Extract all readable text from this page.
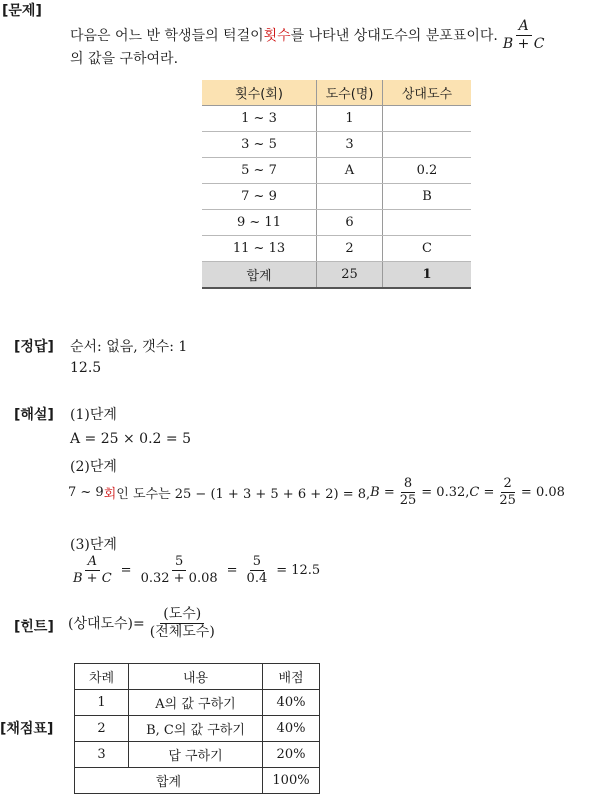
[문제]
다음은 어느 반 학생들의 턱걸이 횟수 를 나타낸 상대도수의 분포표이다. $\frac{A}{B + C}$
의 값을 구하여라.
횟수(회)	도수(명)	상대도수
1 ~ 3	1	
3 ~ 5	3	
5 ~ 7	A	0.2
7 ~ 9		B
9 ~ 11	6	
11 ~ 13	2	C
합계	25	1
[정답] 순서: 없음, 갯수: 1
12.5
[해설] (1)단계
A = 25 × 0.2 = 5
(2)단계
7 ~ 9 회 인 도수는 25 − (1 + 3 + 5 + 6 + 2) = 8, $B = \frac{8}{25} = 0.32$, $C = \frac{2}{25} = 0.08$
(3)단계
$\frac{A}{B + C} = \frac{5}{0.32 + 0.08} = \frac{5}{0.4} = 12.5$
[힌트] (상대도수)= $\frac{\text{(도수)}}{\text{(전체도수)}}$
[채점표]
차례	내용	배점
1	A의 값 구하기	40%
2	B, C의 값 구하기	40%
3	답 구하기	20%
합계		100%
